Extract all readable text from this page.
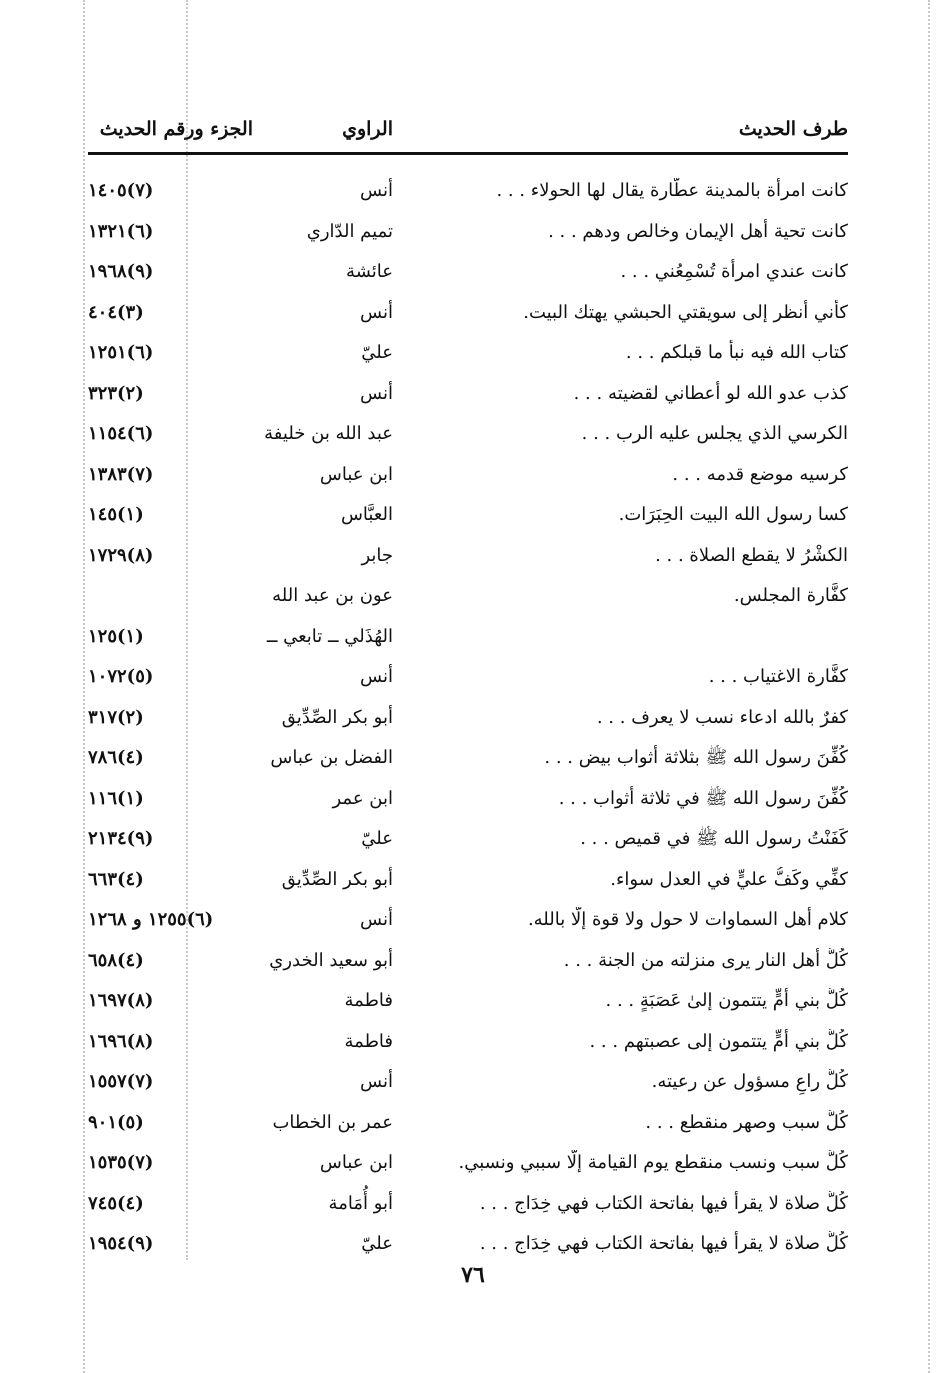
طرف الحديث
الراوي
الجزء ورقم الحديث
كانت امرأة بالمدينة عطّارة يقال لها الحولاء . . .
أنس
(٧)١٤٠٥
كانت تحية أهل الإيمان وخالص ودهم . . .
تميم الدّاري
(٦)١٣٢١
كانت عندي امرأة تُسْمِعُني . . .
عائشة
(٩)١٩٦٨
كأني أنظر إلى سويقتي الحبشي يهتك البيت.
أنس
(٣)٤٠٤
كتاب الله فيه نبأ ما قبلكم . . .
عليّ
(٦)١٢٥١
كذب عدو الله لو أعطاني لقضيته . . .
أنس
(٢)٣٢٣
الكرسي الذي يجلس عليه الرب . . .
عبد الله بن خليفة
(٦)١١٥٤
كرسيه موضع قدمه . . .
ابن عباس
(٧)١٣٨٣
كسا رسول الله البيت الحِبَرَات.
العبَّاس
(١)١٤٥
الكشْرُ لا يقطع الصلاة . . .
جابر
(٨)١٧٢٩
كفَّارة المجلس.
عون بن عبد الله
الهُذَلي ــ تابعي ــ
(١)١٢٥
كفَّارة الاغتياب . . .
أنس
(٥)١٠٧٢
كفرٌ بالله ادعاء نسب لا يعرف . . .
أبو بكر الصِّدِّيق
(٢)٣١٧
كُفِّنَ رسول الله ﷺ بثلاثة أثواب بيض . . .
الفضل بن عباس
(٤)٧٨٦
كُفِّنَ رسول الله ﷺ في ثلاثة أثواب . . .
ابن عمر
(١)١١٦
كَفَنْتُ رسول الله ﷺ في قميص . . .
عليّ
(٩)٢١٣٤
كفِّي وكَفُّ عليٍّ في العدل سواء.
أبو بكر الصِّدِّيق
(٤)٦٦٣
كلام أهل السماوات لا حول ولا قوة إلَّا بالله.
أنس
(٦)١٢٥٥ و ١٢٦٨
كُلُّ أهل النار يرى منزلته من الجنة . . .
أبو سعيد الخدري
(٤)٦٥٨
كُلُّ بني أُمٍّ يتتمون إلىٰ عَصَبَةٍ . . .
فاطمة
(٨)١٦٩٧
كُلُّ بني أُمٍّ يتتمون إلى عصبتهم . . .
فاطمة
(٨)١٦٩٦
كُلُّ راعٍ مسؤول عن رعيته.
أنس
(٧)١٥٥٧
كُلُّ سبب وصهر منقطع . . .
عمر بن الخطاب
(٥)٩٠١
كُلُّ سبب ونسب منقطع يوم القيامة إلَّا سببي ونسبي.
ابن عباس
(٧)١٥٣٥
كُلُّ صلاة لا يقرأ فيها بفاتحة الكتاب فهي خِدَاج . . .
أبو أُمَامة
(٤)٧٤٥
كُلُّ صلاة لا يقرأ فيها بفاتحة الكتاب فهي خِدَاج . . .
عليّ
(٩)١٩٥٤
٧٦
